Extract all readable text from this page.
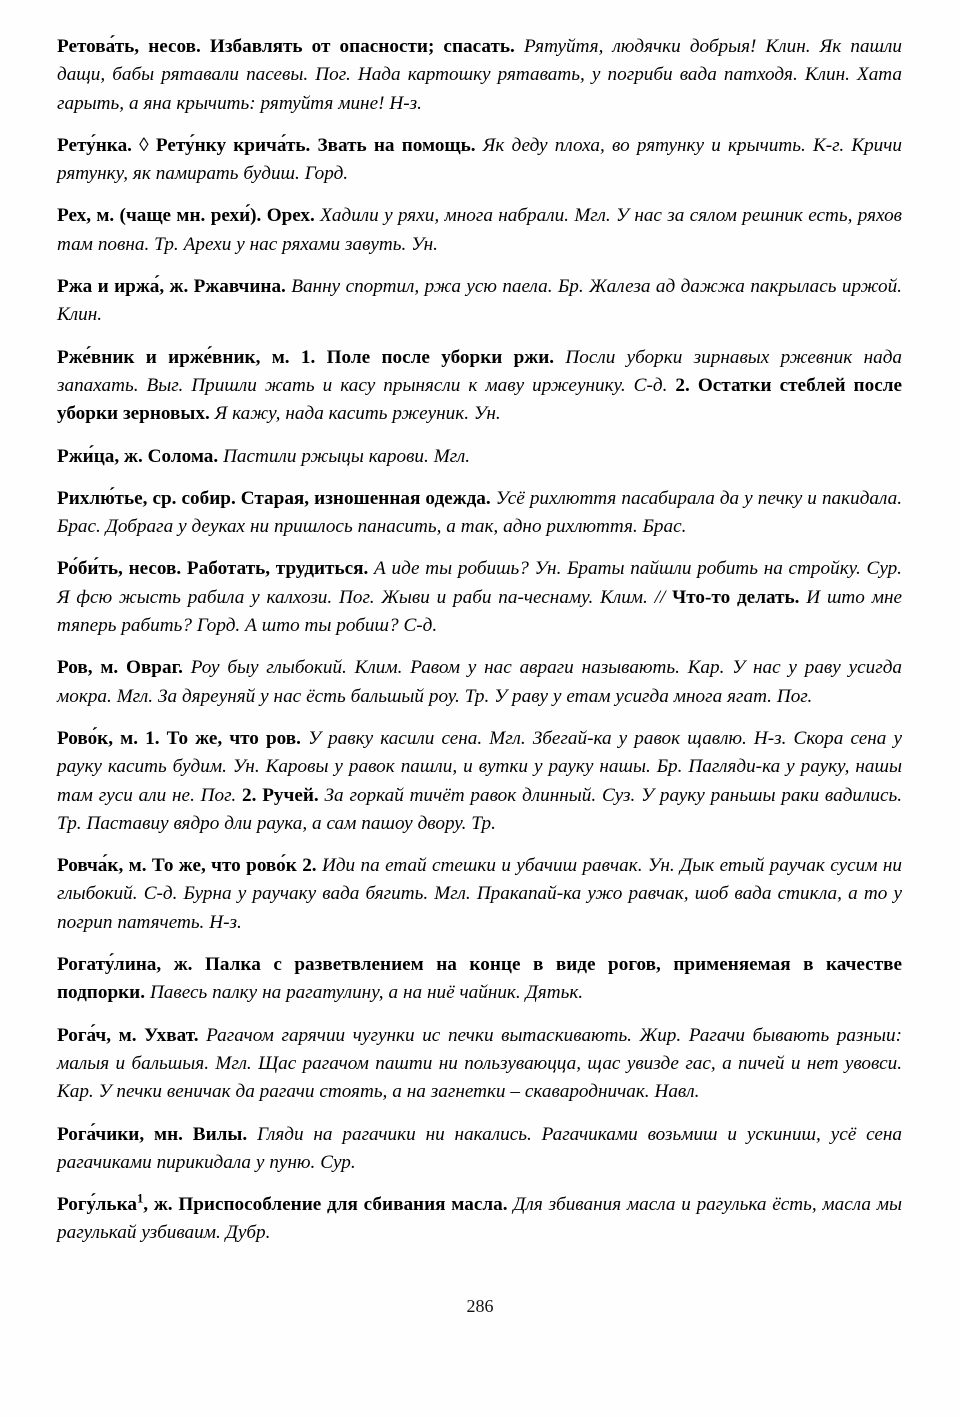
Ретова́ть, несов. Избавлять от опасности; спасать. Рятуйтя, людячки добрыя! Клин. Як пашли дащи, бабы рятавали пасевы. Пог. Нада картошку рятавать, у погриби вада патходя. Клин. Хата гарыть, а яна крычить: рятуйтя мине! Н-з.

Рету́нка. ◊ Рету́нку крича́ть. Звать на помощь. Як деду плоха, во рятунку и крычить. К-г. Кричи рятунку, як памирать будиш. Горд.

Рех, м. (чаще мн. рехи́). Орех. Хадили у ряхи, многа набрали. Мгл. У нас за сялом решник есть, ряхов там повна. Тр. Арехи у нас ряхами завуть. Ун.

Ржа и иржа́, ж. Ржавчина. Ванну спортил, ржа усю паела. Бр. Жалеза ад дажжа пакрылась иржой. Клин.

Рже́вник и ирже́вник, м. 1. Поле после уборки ржи. Посли уборки зирнавых ржевник нада запахать. Выг. Пришли жать и касу прынясли к маву иржеунику. С-д. 2. Остатки стеблей после уборки зерновых. Я кажу, нада касить ржеуник. Ун.

Ржи́ца, ж. Солома. Пастили ржыцы карови. Мгл.

Рихлю́тье, ср. собир. Старая, изношенная одежда. Усё рихлюття пасабирала да у печку и пакидала. Брас. Добрага у деуках ни пришлось панасить, а так, адно рихлюття. Брас.

Ро́би́ть, несов. Работать, трудиться. А иде ты робишь? Ун. Браты пайшли робить на стройку. Сур. Я фсю жысть рабила у калхози. Пог. Жыви и раби па-чеснаму. Клим. // Что-то делать. И што мне тяперь рабить? Горд. А што ты робиш? С-д.

Ров, м. Овраг. Роу быу глыбокий. Клим. Равом у нас авраги называють. Кар. У нас у раву усигда мокра. Мгл. За дяреуняй у нас ёсть бальшый роу. Тр. У раву у етам усигда многа ягат. Пог.

Рово́к, м. 1. То же, что ров. У равку касили сена. Мгл. Збегай-ка у равок щавлю. Н-з. Скора сена у рауку касить будим. Ун. Каровы у равок пашли, и вутки у рауку нашы. Бр. Пагляди-ка у рауку, нашы там гуси али не. Пог. 2. Ручей. За горкай тичёт равок длинный. Суз. У рауку раньшы раки вадились. Тр. Паставиу вядро дли раука, а сам пашоу двору. Тр.

Ровча́к, м. То же, что рово́к 2. Иди па етай стешки и убачиш равчак. Ун. Дык етый раучак сусим ни глыбокий. С-д. Бурна у раучаку вада бягить. Мгл. Пракапай-ка ужо равчак, шоб вада стикла, а то у погрип патячеть. Н-з.

Рогату́лина, ж. Палка с разветвлением на конце в виде рогов, применяемая в качестве подпорки. Павесь палку на рагатулину, а на ниё чайник. Дятьк.

Рога́ч, м. Ухват. Рагачом гарячии чугунки ис печки вытаскивають. Жир. Рагачи бывають разныи: малыя и бальшыя. Мгл. Щас рагачом пашти ни пользуваюцца, щас увизде гас, а пичей и нет увовси. Кар. У печки веничак да рагачи стоять, а на загнетки – скавародничак. Навл.

Рога́чики, мн. Вилы. Гляди на рагачики ни накались. Рагачиками возьмиш и ускиниш, усё сена рагачиками пирикидала у пуню. Сур.

Рогу́лька$^1$, ж. Приспособление для сбивания масла. Для збивания масла и рагулька ёсть, масла мы рагулькай узбиваим. Дубр.

286
